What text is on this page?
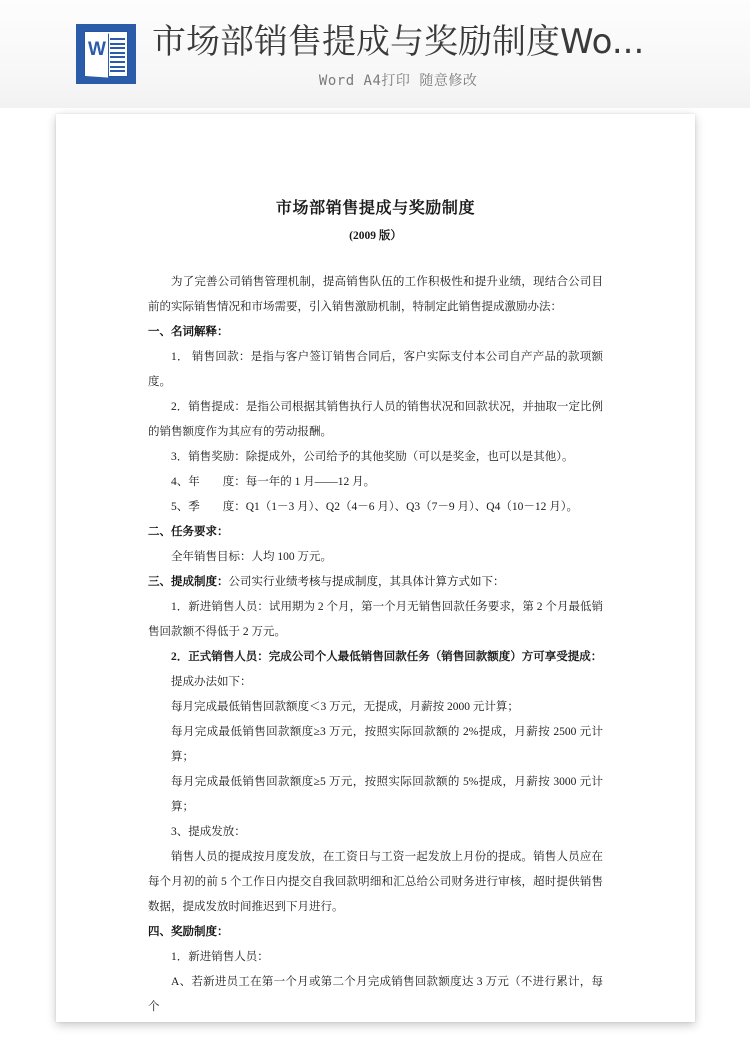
W 市场部销售提成与奖励制度Wo...
Word A4打印 随意修改
市场部销售提成与奖励制度
(2009 版）

为了完善公司销售管理机制，提高销售队伍的工作积极性和提升业绩，现结合公司目前的实际销售情况和市场需要，引入销售激励机制，特制定此销售提成激励办法：

一、名词解释：

1． 销售回款：是指与客户签订销售合同后，客户实际支付本公司自产产品的款项额度。

2．销售提成：是指公司根据其销售执行人员的销售状况和回款状况，并抽取一定比例的销售额度作为其应有的劳动报酬。

3．销售奖励：除提成外，公司给予的其他奖励（可以是奖金，也可以是其他）。

4、年　　度：每一年的 1 月——12 月。

5、季　　度：Q1（1－3 月）、Q2（4－6 月）、Q3（7－9 月）、Q4（10－12 月）。

二、任务要求：

全年销售目标：人均 100 万元。

三、提成制度：公司实行业绩考核与提成制度，其具体计算方式如下：

1．新进销售人员：试用期为 2 个月，第一个月无销售回款任务要求，第 2 个月最低销售回款额不得低于 2 万元。

2．正式销售人员：完成公司个人最低销售回款任务（销售回款额度）方可享受提成：

提成办法如下：

每月完成最低销售回款额度＜3 万元，无提成，月薪按 2000 元计算；

每月完成最低销售回款额度≥3 万元，按照实际回款额的 2%提成，月薪按 2500 元计算；

每月完成最低销售回款额度≥5 万元，按照实际回款额的 5%提成，月薪按 3000 元计算；

3、提成发放：

销售人员的提成按月度发放，在工资日与工资一起发放上月份的提成。销售人员应在每个月初的前 5 个工作日内提交自我回款明细和汇总给公司财务进行审核，超时提供销售数据，提成发放时间推迟到下月进行。

四、奖励制度：

1．新进销售人员：

A、若新进员工在第一个月或第二个月完成销售回款额度达 3 万元（不进行累计，每个
